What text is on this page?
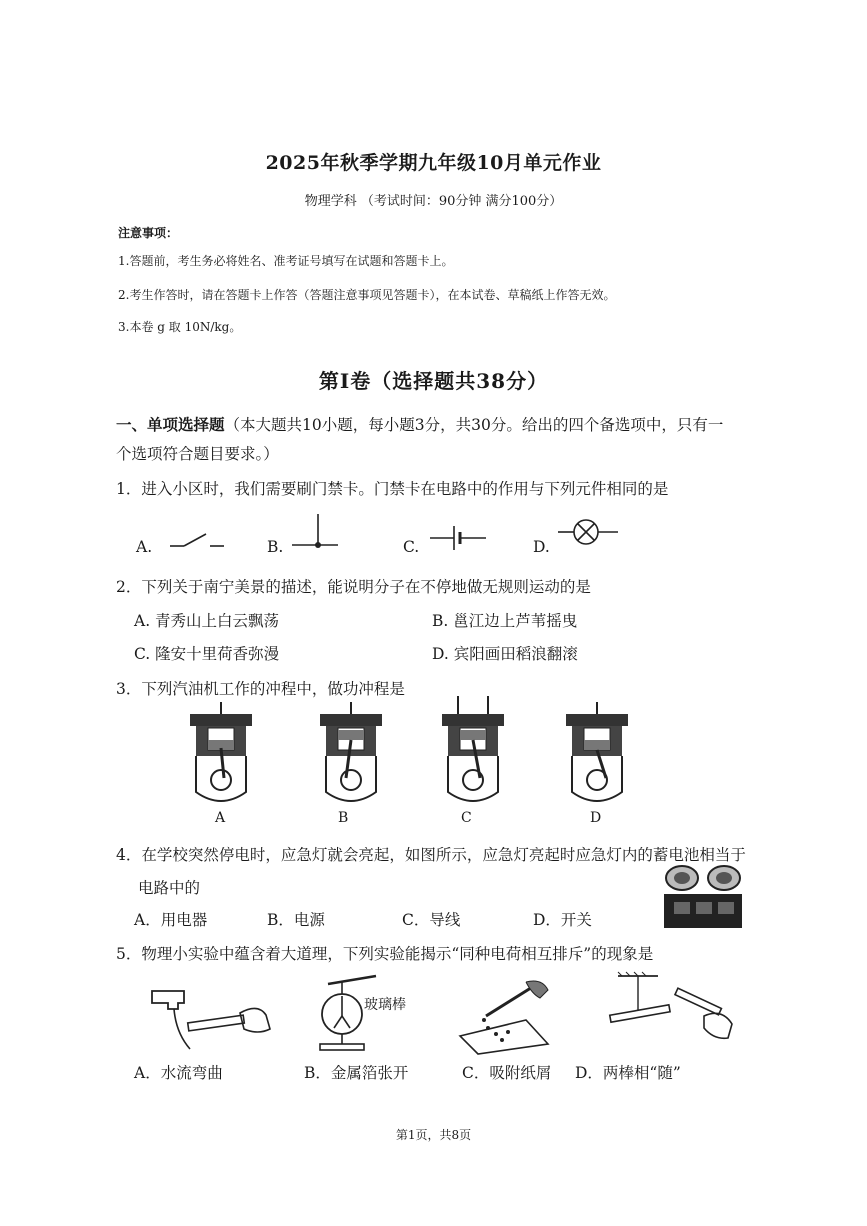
2025年秋季学期九年级10月单元作业
物理学科 （考试时间：90分钟 满分100分）
注意事项：
1.答题前，考生务必将姓名、准考证号填写在试题和答题卡上。
2.考生作答时，请在答题卡上作答（答题注意事项见答题卡），在本试卷、草稿纸上作答无效。
3.本卷 g 取 10N/kg。
第Ⅰ卷（选择题共38分）
一、单项选择题（本大题共10小题，每小题3分，共30分。给出的四个备选项中，只有一
个选项符合题目要求。）
1．进入小区时，我们需要刷门禁卡。门禁卡在电路中的作用与下列元件相同的是
A.	B.	C.	D.
2．下列关于南宁美景的描述，能说明分子在不停地做无规则运动的是
A. 青秀山上白云飘荡	B. 邕江边上芦苇摇曳
C. 隆安十里荷香弥漫	D. 宾阳画田稻浪翻滚
3．下列汽油机工作的冲程中，做功冲程是
A	B	C	D
4．在学校突然停电时，应急灯就会亮起，如图所示，应急灯亮起时应急灯内的蓄电池相当于
电路中的
A．用电器	B．电源	C．导线	D．开关
5．物理小实验中蕴含着大道理，下列实验能揭示“同种电荷相互排斥”的现象是
玻璃棒
A．水流弯曲	B．金属箔张开	C．吸附纸屑 D．两棒相“随”
第1页，共8页
